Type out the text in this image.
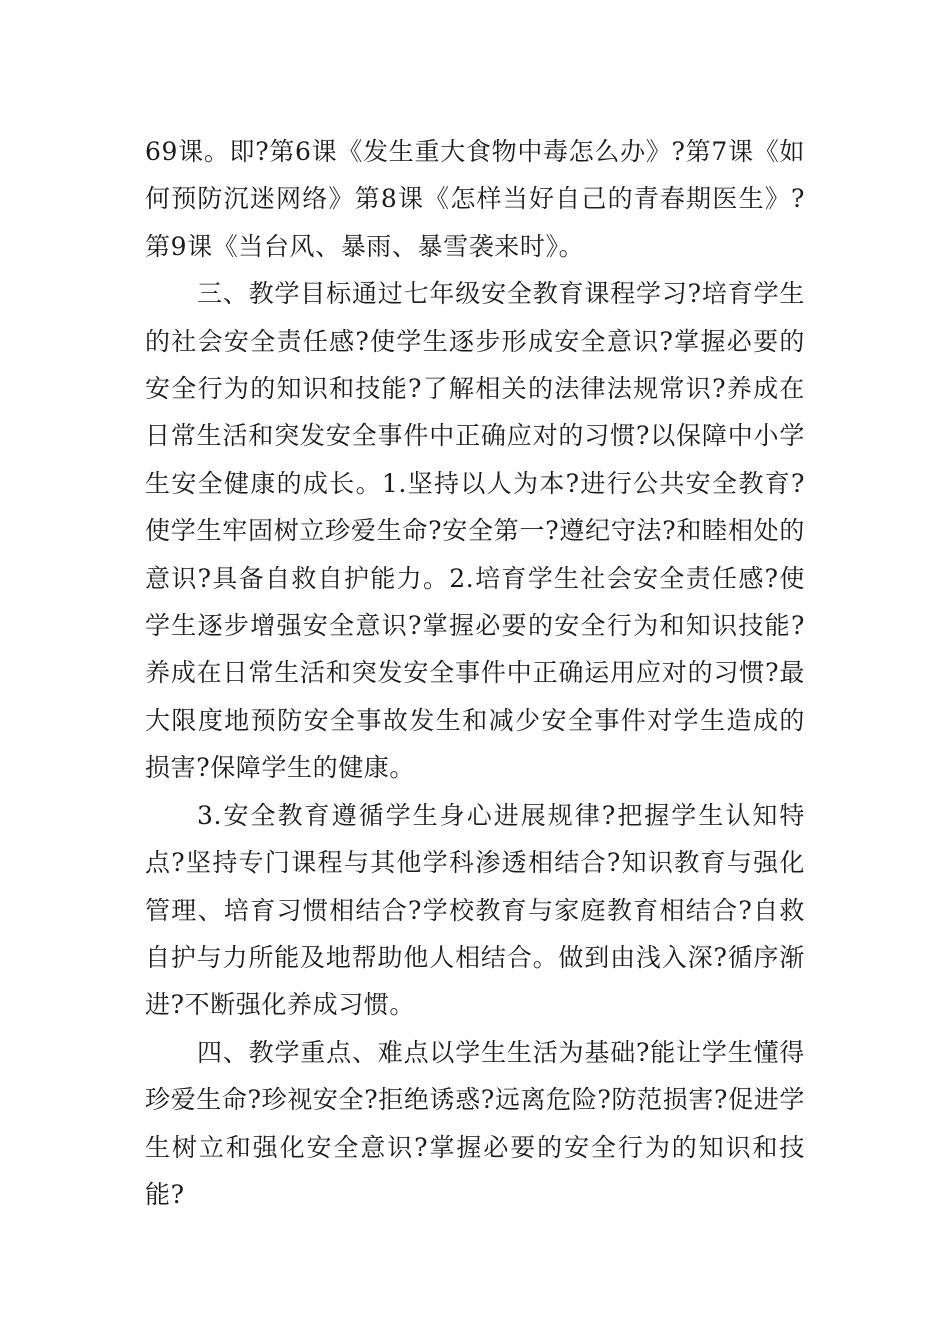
69课。即?第6课《发生重大食物中毒怎么办》?第7课《如何预防沉迷网络》第8课《怎样当好自己的青春期医生》?第9课《当台风、暴雨、暴雪袭来时》。

三、教学目标通过七年级安全教育课程学习?培育学生的社会安全责任感?使学生逐步形成安全意识?掌握必要的安全行为的知识和技能?了解相关的法律法规常识?养成在日常生活和突发安全事件中正确应对的习惯?以保障中小学生安全健康的成长。1.坚持以人为本?进行公共安全教育?使学生牢固树立珍爱生命?安全第一?遵纪守法?和睦相处的意识?具备自救自护能力。2.培育学生社会安全责任感?使学生逐步增强安全意识?掌握必要的安全行为和知识技能?养成在日常生活和突发安全事件中正确运用应对的习惯?最大限度地预防安全事故发生和减少安全事件对学生造成的损害?保障学生的健康。

3.安全教育遵循学生身心进展规律?把握学生认知特点?坚持专门课程与其他学科渗透相结合?知识教育与强化管理、培育习惯相结合?学校教育与家庭教育相结合?自救自护与力所能及地帮助他人相结合。做到由浅入深?循序渐进?不断强化养成习惯。

四、教学重点、难点以学生生活为基础?能让学生懂得珍爱生命?珍视安全?拒绝诱惑?远离危险?防范损害?促进学生树立和强化安全意识?掌握必要的安全行为的知识和技能?
